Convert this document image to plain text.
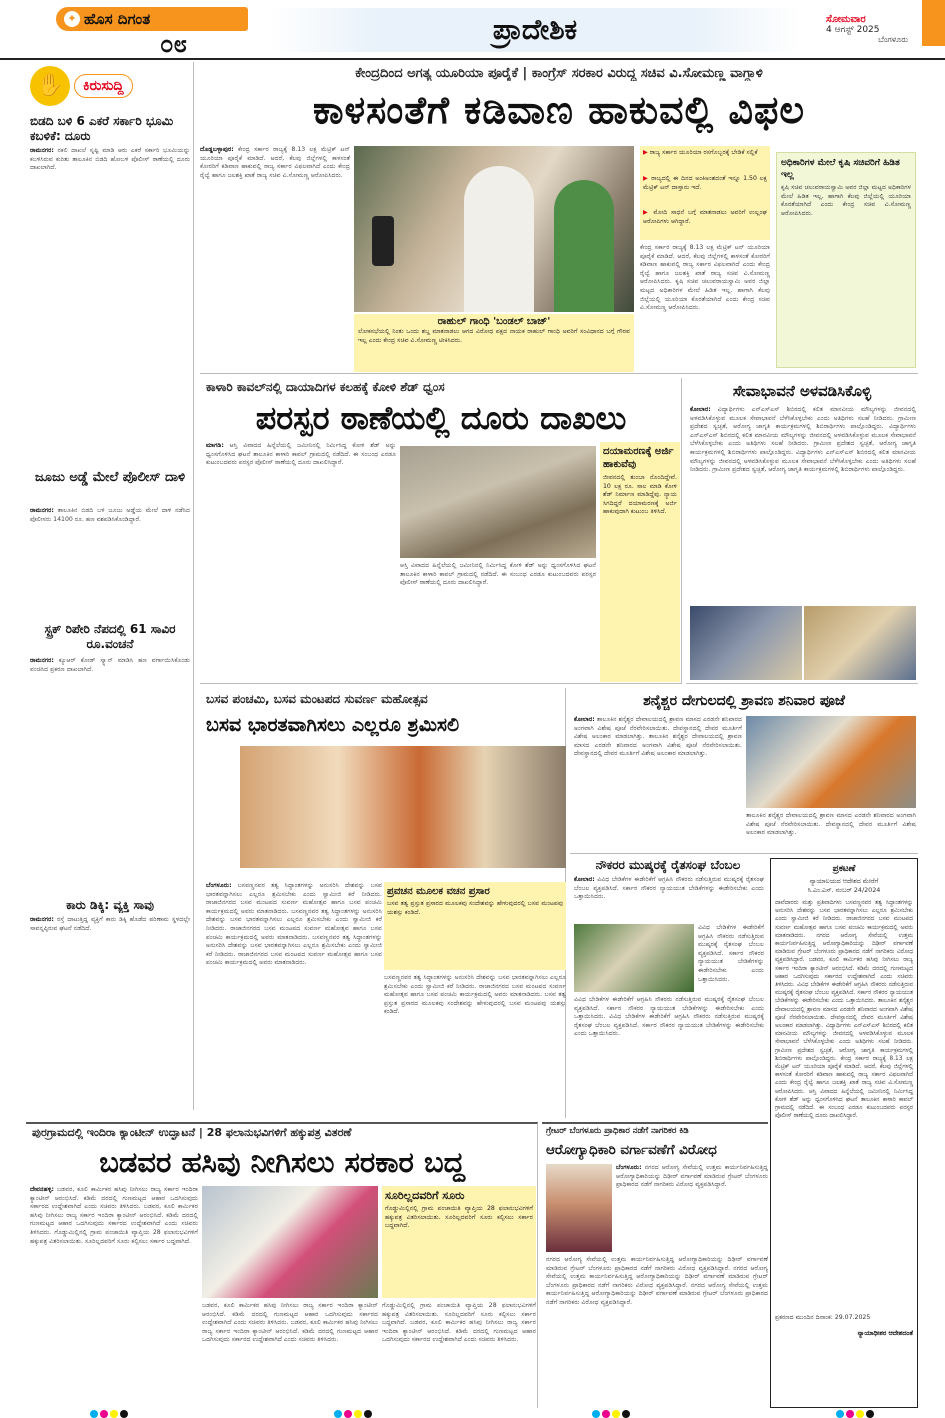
✦ ಹೊಸ ದಿಗಂತ
೦೮	ಪ್ರಾದೇಶಿಕ	ಸೋಮವಾರ
4 ಆಗಸ್ಟ್ 2025
ಬೆಂಗಳೂರು
✋	ಕಿರುಸುದ್ದಿ
ಬಿಡದಿ ಬಳಿ 6 ಎಕರೆ ಸರ್ಕಾರಿ ಭೂಮಿ ಕಬಳಿಕೆ: ದೂರು
ರಾಮನಗರ: ನಕಲಿ ದಾಖಲೆ ಸೃಷ್ಟಿ ಮಾಡಿ ಆರು ಎಕರೆ ಸರ್ಕಾರಿ ಭೂಮಿಯನ್ನು ಕಬಳಿಸಿರುವ ಕುರಿತು ತಾಲೂಕಿನ ಬಿಡದಿ ಹೋಬಳಿ ಪೊಲೀಸ್ ಠಾಣೆಯಲ್ಲಿ ದೂರು ದಾಖಲಾಗಿದೆ.
ಜೂಜು ಅಡ್ಡೆ ಮೇಲೆ ಪೊಲೀಸ್ ದಾಳಿ
ರಾಮನಗರ: ತಾಲೂಕಿನ ಬಿಡದಿ ಬಳಿ ಜೂಜು ಅಡ್ಡೆಯ ಮೇಲೆ ದಾಳಿ ನಡೆಸಿದ ಪೊಲೀಸರು 14100 ರೂ. ಹಣ ವಶಪಡಿಸಿಕೊಂಡಿದ್ದಾರೆ.
ಸ್ಟ್ರಕ್ ರಿಪೇರಿ ನೆಪದಲ್ಲಿ 61 ಸಾವಿರ ರೂ.ವಂಚನೆ
ರಾಮನಗರ: ಕ್ಯೂಆರ್ ಕೋಡ್ ಸ್ಕ್ಯಾನ್ ಮಾಡಿಸಿ ಹಣ ವರ್ಗಾಯಿಸಿಕೊಂಡು ವಂಚಿಸಿದ ಪ್ರಕರಣ ದಾಖಲಾಗಿದೆ.
ಕಾರು ಡಿಕ್ಕಿ: ವ್ಯಕ್ತಿ ಸಾವು
ರಾಮನಗರ: ರಸ್ತೆ ದಾಟುತ್ತಿದ್ದ ವ್ಯಕ್ತಿಗೆ ಕಾರು ಡಿಕ್ಕಿ ಹೊಡೆದ ಪರಿಣಾಮ ಸ್ಥಳದಲ್ಲೇ ಸಾವನ್ನಪ್ಪಿರುವ ಘಟನೆ ನಡೆದಿದೆ.
ಕೇಂದ್ರದಿಂದ ಅಗತ್ಯ ಯೂರಿಯಾ ಪೂರೈಕೆ | ಕಾಂಗ್ರೆಸ್ ಸರಕಾರ ವಿರುದ್ಧ ಸಚಿವ ವಿ.ಸೋಮಣ್ಣ ವಾಗ್ದಾಳಿ
ಕಾಳಸಂತೆಗೆ ಕಡಿವಾಣ ಹಾಕುವಲ್ಲಿ ವಿಫಲ
ದೊಡ್ಡಬಳ್ಳಾಪುರ: ಕೇಂದ್ರ ಸರ್ಕಾರ ರಾಜ್ಯಕ್ಕೆ 8.13 ಲಕ್ಷ ಮೆಟ್ರಿಕ್ ಟನ್ ಯೂರಿಯಾ ಪೂರೈಕೆ ಮಾಡಿದೆ. ಆದರೆ, ಕೆಲವು ಜಿಲ್ಲೆಗಳಲ್ಲಿ ಕಾಳಸಂತೆ ಕೋರರಿಗೆ ಕಡಿವಾಣ ಹಾಕುವಲ್ಲಿ ರಾಜ್ಯ ಸರ್ಕಾರ ವಿಫಲವಾಗಿದೆ ಎಂದು ಕೇಂದ್ರ ರೈಲ್ವೆ ಹಾಗೂ ಜಲಶಕ್ತಿ ಖಾತೆ ರಾಜ್ಯ ಸಚಿವ ವಿ.ಸೋಮಣ್ಣ ಆರೋಪಿಸಿದರು.
ರಾಹುಲ್ ಗಾಂಧಿ 'ಬಂಡಲ್ ಬಾಜ್'
ಲೋಕಸಭೆಯಲ್ಲಿ ನಿಂತು ಒಂದು ಶಬ್ದ ಮಾತನಾಡಲು ಆಗದ ವಿರೋಧ ಪಕ್ಷದ ನಾಯಕ ರಾಹುಲ್ ಗಾಂಧಿ ಅವರಿಗೆ ಸಂವಿಧಾನದ ಬಗ್ಗೆ ಗೌರವ ಇಲ್ಲ ಎಂದು ಕೇಂದ್ರ ಸಚಿವ ವಿ.ಸೋಮಣ್ಣ ಟೀಕಿಸಿದರು.
▶ ರಾಜ್ಯ ಸರ್ಕಾರ ಯೂರಿಯಾ ರಸಗೊಬ್ಬರಕ್ಕೆ ಬೇಡಿಕೆ ಸಲ್ಲಿಕೆ
▶ ರಾಜ್ಯದಲ್ಲಿ ಈ ದಿನದ ಅಂಕಿಅಂಶದಂತೆ ಇನ್ನೂ 1.50 ಲಕ್ಷ ಮೆಟ್ರಿಕ್ ಟನ್ ದಾಸ್ತಾನು ಇದೆ.
▶ ಮೋದಿ ಸಾಧನೆ ಬಗ್ಗೆ ಮಾತನಾಡಲು ಅವರಿಗೆ ಉಲ್ಲಂಘ ಆರೋಪಿಗಳು ಆಗಿದ್ದಾರೆ.
ಕೇಂದ್ರ ಸರ್ಕಾರ ರಾಜ್ಯಕ್ಕೆ 8.13 ಲಕ್ಷ ಮೆಟ್ರಿಕ್ ಟನ್ ಯೂರಿಯಾ ಪೂರೈಕೆ ಮಾಡಿದೆ. ಆದರೆ, ಕೆಲವು ಜಿಲ್ಲೆಗಳಲ್ಲಿ ಕಾಳಸಂತೆ ಕೋರರಿಗೆ ಕಡಿವಾಣ ಹಾಕುವಲ್ಲಿ ರಾಜ್ಯ ಸರ್ಕಾರ ವಿಫಲವಾಗಿದೆ ಎಂದು ಕೇಂದ್ರ ರೈಲ್ವೆ ಹಾಗೂ ಜಲಶಕ್ತಿ ಖಾತೆ ರಾಜ್ಯ ಸಚಿವ ವಿ.ಸೋಮಣ್ಣ ಆರೋಪಿಸಿದರು. ಕೃಷಿ ಸಚಿವ ಚಲುವರಾಯಸ್ವಾಮಿ ಅವರ ಜಿಲ್ಲಾ ಮಟ್ಟದ ಅಧಿಕಾರಿಗಳ ಮೇಲೆ ಹಿಡಿತ ಇಲ್ಲ. ಹಾಗಾಗಿ ಕೆಲವು ಜಿಲ್ಲೆಯಲ್ಲಿ ಯೂರಿಯಾ ಕೊರತೆಯಾಗಿದೆ ಎಂದು ಕೇಂದ್ರ ಸಚಿವ ವಿ.ಸೋಮಣ್ಣ ಆರೋಪಿಸಿದರು.
ಅಧಿಕಾರಿಗಳ ಮೇಲೆ ಕೃಷಿ ಸಚಿವರಿಗೆ ಹಿಡಿತ ಇಲ್ಲ
ಕೃಷಿ ಸಚಿವ ಚಲುವರಾಯಸ್ವಾಮಿ ಅವರ ಜಿಲ್ಲಾ ಮಟ್ಟದ ಅಧಿಕಾರಿಗಳ ಮೇಲೆ ಹಿಡಿತ ಇಲ್ಲ. ಹಾಗಾಗಿ ಕೆಲವು ಜಿಲ್ಲೆಯಲ್ಲಿ ಯೂರಿಯಾ ಕೊರತೆಯಾಗಿದೆ ಎಂದು ಕೇಂದ್ರ ಸಚಿವ ವಿ.ಸೋಮಣ್ಣ ಆರೋಪಿಸಿದರು.
ಕಾಳಾರಿ ಕಾವಲ್‌ನಲ್ಲಿ ದಾಯಾದಿಗಳ ಕಲಹಕ್ಕೆ ಕೋಳಿ ಶೆಡ್ ಧ್ವಂಸ
ಪರಸ್ಪರ ಠಾಣೆಯಲ್ಲಿ ದೂರು ದಾಖಲು
ಮಾಗಡಿ: ಆಸ್ತಿ ವಿವಾದದ ಹಿನ್ನೆಲೆಯಲ್ಲಿ ಜಮೀನಿನಲ್ಲಿ ನಿರ್ಮಿಸಿದ್ದ ಕೋಳಿ ಶೆಡ್ ಅನ್ನು ಧ್ವಂಸಗೊಳಿಸಿದ ಘಟನೆ ತಾಲೂಕಿನ ಕಾಳಾರಿ ಕಾವಲ್ ಗ್ರಾಮದಲ್ಲಿ ನಡೆದಿದೆ. ಈ ಸಂಬಂಧ ಎರಡೂ ಕುಟುಂಬದವರು ಪರಸ್ಪರ ಪೊಲೀಸ್ ಠಾಣೆಯಲ್ಲಿ ದೂರು ದಾಖಲಿಸಿದ್ದಾರೆ.
ಆಸ್ತಿ ವಿವಾದದ ಹಿನ್ನೆಲೆಯಲ್ಲಿ ಜಮೀನಿನಲ್ಲಿ ನಿರ್ಮಿಸಿದ್ದ ಕೋಳಿ ಶೆಡ್ ಅನ್ನು ಧ್ವಂಸಗೊಳಿಸಿದ ಘಟನೆ ತಾಲೂಕಿನ ಕಾಳಾರಿ ಕಾವಲ್ ಗ್ರಾಮದಲ್ಲಿ ನಡೆದಿದೆ. ಈ ಸಂಬಂಧ ಎರಡೂ ಕುಟುಂಬದವರು ಪರಸ್ಪರ ಪೊಲೀಸ್ ಠಾಣೆಯಲ್ಲಿ ದೂರು ದಾಖಲಿಸಿದ್ದಾರೆ.
ದಯಾಮರಣಕ್ಕೆ ಅರ್ಜಿ ಹಾಕುವೆವು
ಜೀವನದಲ್ಲಿ ತುಂಬಾ ನೊಂದಿದ್ದೇವೆ. 10 ಲಕ್ಷ ರೂ. ಸಾಲ ಮಾಡಿ ಕೋಳಿ ಶೆಡ್ ನಿರ್ಮಾಣ ಮಾಡಿದ್ದೆವು. ನ್ಯಾಯ ಸಿಗದಿದ್ದರೆ ದಯಾಮರಣಕ್ಕೆ ಅರ್ಜಿ ಹಾಕುವುದಾಗಿ ಕುಟುಂಬ ತಿಳಿಸಿದೆ.
ಸೇವಾಭಾವನೆ ಅಳವಡಿಸಿಕೊಳ್ಳಿ
ಕೋಲಾರ: ವಿದ್ಯಾರ್ಥಿಗಳು ಎನ್‌ಎಸ್‌ಎಸ್ ಶಿಬಿರದಲ್ಲಿ ಕಲಿತ ಮಾನವೀಯ ಮೌಲ್ಯಗಳನ್ನು ಜೀವನದಲ್ಲಿ ಅಳವಡಿಸಿಕೊಳ್ಳುವ ಮೂಲಕ ಸೇವಾಭಾವನೆ ಬೆಳೆಸಿಕೊಳ್ಳಬೇಕು ಎಂದು ಅತಿಥಿಗಳು ಸಲಹೆ ನೀಡಿದರು. ಗ್ರಾಮೀಣ ಪ್ರದೇಶದ ಸ್ವಚ್ಛತೆ, ಆರೋಗ್ಯ ಜಾಗೃತಿ ಕಾರ್ಯಕ್ರಮಗಳಲ್ಲಿ ಶಿಬಿರಾರ್ಥಿಗಳು ಪಾಲ್ಗೊಂಡಿದ್ದರು. ವಿದ್ಯಾರ್ಥಿಗಳು ಎನ್‌ಎಸ್‌ಎಸ್ ಶಿಬಿರದಲ್ಲಿ ಕಲಿತ ಮಾನವೀಯ ಮೌಲ್ಯಗಳನ್ನು ಜೀವನದಲ್ಲಿ ಅಳವಡಿಸಿಕೊಳ್ಳುವ ಮೂಲಕ ಸೇವಾಭಾವನೆ ಬೆಳೆಸಿಕೊಳ್ಳಬೇಕು ಎಂದು ಅತಿಥಿಗಳು ಸಲಹೆ ನೀಡಿದರು. ಗ್ರಾಮೀಣ ಪ್ರದೇಶದ ಸ್ವಚ್ಛತೆ, ಆರೋಗ್ಯ ಜಾಗೃತಿ ಕಾರ್ಯಕ್ರಮಗಳಲ್ಲಿ ಶಿಬಿರಾರ್ಥಿಗಳು ಪಾಲ್ಗೊಂಡಿದ್ದರು. ವಿದ್ಯಾರ್ಥಿಗಳು ಎನ್‌ಎಸ್‌ಎಸ್ ಶಿಬಿರದಲ್ಲಿ ಕಲಿತ ಮಾನವೀಯ ಮೌಲ್ಯಗಳನ್ನು ಜೀವನದಲ್ಲಿ ಅಳವಡಿಸಿಕೊಳ್ಳುವ ಮೂಲಕ ಸೇವಾಭಾವನೆ ಬೆಳೆಸಿಕೊಳ್ಳಬೇಕು ಎಂದು ಅತಿಥಿಗಳು ಸಲಹೆ ನೀಡಿದರು. ಗ್ರಾಮೀಣ ಪ್ರದೇಶದ ಸ್ವಚ್ಛತೆ, ಆರೋಗ್ಯ ಜಾಗೃತಿ ಕಾರ್ಯಕ್ರಮಗಳಲ್ಲಿ ಶಿಬಿರಾರ್ಥಿಗಳು ಪಾಲ್ಗೊಂಡಿದ್ದರು.
ಬಸವ ಪಂಚಮಿ, ಬಸವ ಮಂಟಪದ ಸುವರ್ಣ ಮಹೋತ್ಸವ
ಬಸವ ಭಾರತವಾಗಿಸಲು ಎಲ್ಲರೂ ಶ್ರಮಿಸಲಿ
ಬೆಂಗಳೂರು: ಬಸವಣ್ಣನವರ ತತ್ವ ಸಿದ್ಧಾಂತಗಳನ್ನು ಅನುಸರಿಸಿ ದೇಶವನ್ನು ಬಸವ ಭಾರತವನ್ನಾಗಿಸಲು ಎಲ್ಲರೂ ಶ್ರಮಿಸಬೇಕು ಎಂದು ಸ್ವಾಮೀಜಿ ಕರೆ ನೀಡಿದರು. ರಾಜಾಜಿನಗರದ ಬಸವ ಮಂಟಪದ ಸುವರ್ಣ ಮಹೋತ್ಸವ ಹಾಗೂ ಬಸವ ಪಂಚಮಿ ಕಾರ್ಯಕ್ರಮದಲ್ಲಿ ಅವರು ಮಾತನಾಡಿದರು. ಬಸವಣ್ಣನವರ ತತ್ವ ಸಿದ್ಧಾಂತಗಳನ್ನು ಅನುಸರಿಸಿ ದೇಶವನ್ನು ಬಸವ ಭಾರತವನ್ನಾಗಿಸಲು ಎಲ್ಲರೂ ಶ್ರಮಿಸಬೇಕು ಎಂದು ಸ್ವಾಮೀಜಿ ಕರೆ ನೀಡಿದರು. ರಾಜಾಜಿನಗರದ ಬಸವ ಮಂಟಪದ ಸುವರ್ಣ ಮಹೋತ್ಸವ ಹಾಗೂ ಬಸವ ಪಂಚಮಿ ಕಾರ್ಯಕ್ರಮದಲ್ಲಿ ಅವರು ಮಾತನಾಡಿದರು. ಬಸವಣ್ಣನವರ ತತ್ವ ಸಿದ್ಧಾಂತಗಳನ್ನು ಅನುಸರಿಸಿ ದೇಶವನ್ನು ಬಸವ ಭಾರತವನ್ನಾಗಿಸಲು ಎಲ್ಲರೂ ಶ್ರಮಿಸಬೇಕು ಎಂದು ಸ್ವಾಮೀಜಿ ಕರೆ ನೀಡಿದರು. ರಾಜಾಜಿನಗರದ ಬಸವ ಮಂಟಪದ ಸುವರ್ಣ ಮಹೋತ್ಸವ ಹಾಗೂ ಬಸವ ಪಂಚಮಿ ಕಾರ್ಯಕ್ರಮದಲ್ಲಿ ಅವರು ಮಾತನಾಡಿದರು.
ಪ್ರವಚನ ಮೂಲಕ ವಚನ ಪ್ರಸಾರ
ಬಸವ ತತ್ವ ಪ್ರಸ್ತುತ ಪ್ರಸಾರದ ಮೂಲಕವು ಸಂದೇಶವನ್ನು ಹೇಳುವುದರಲ್ಲಿ ಬಸವ ಮಂಟಪವು ಯಶಸ್ಸು ಕಂಡಿದೆ.
ಬಸವಣ್ಣನವರ ತತ್ವ ಸಿದ್ಧಾಂತಗಳನ್ನು ಅನುಸರಿಸಿ ದೇಶವನ್ನು ಬಸವ ಭಾರತವನ್ನಾಗಿಸಲು ಎಲ್ಲರೂ ಶ್ರಮಿಸಬೇಕು ಎಂದು ಸ್ವಾಮೀಜಿ ಕರೆ ನೀಡಿದರು. ರಾಜಾಜಿನಗರದ ಬಸವ ಮಂಟಪದ ಸುವರ್ಣ ಮಹೋತ್ಸವ ಹಾಗೂ ಬಸವ ಪಂಚಮಿ ಕಾರ್ಯಕ್ರಮದಲ್ಲಿ ಅವರು ಮಾತನಾಡಿದರು. ಬಸವ ತತ್ವ ಪ್ರಸ್ತುತ ಪ್ರಸಾರದ ಮೂಲಕವು ಸಂದೇಶವನ್ನು ಹೇಳುವುದರಲ್ಲಿ ಬಸವ ಮಂಟಪವು ಯಶಸ್ಸು ಕಂಡಿದೆ.
ಶನೈಶ್ಚರ ದೇಗುಲದಲ್ಲಿ ಶ್ರಾವಣ ಶನಿವಾರ ಪೂಜೆ
ಕೋಲಾರ: ತಾಲೂಕಿನ ಶನೈಶ್ಚರ ದೇವಾಲಯದಲ್ಲಿ ಶ್ರಾವಣ ಮಾಸದ ಎರಡನೇ ಶನಿವಾರದ ಅಂಗವಾಗಿ ವಿಶೇಷ ಪೂಜೆ ನೆರವೇರಿಸಲಾಯಿತು. ದೇವಸ್ಥಾನದಲ್ಲಿ ದೇವರ ಮೂರ್ತಿಗೆ ವಿಶೇಷ ಅಲಂಕಾರ ಮಾಡಲಾಗಿತ್ತು. ತಾಲೂಕಿನ ಶನೈಶ್ಚರ ದೇವಾಲಯದಲ್ಲಿ ಶ್ರಾವಣ ಮಾಸದ ಎರಡನೇ ಶನಿವಾರದ ಅಂಗವಾಗಿ ವಿಶೇಷ ಪೂಜೆ ನೆರವೇರಿಸಲಾಯಿತು. ದೇವಸ್ಥಾನದಲ್ಲಿ ದೇವರ ಮೂರ್ತಿಗೆ ವಿಶೇಷ ಅಲಂಕಾರ ಮಾಡಲಾಗಿತ್ತು.
ತಾಲೂಕಿನ ಶನೈಶ್ಚರ ದೇವಾಲಯದಲ್ಲಿ ಶ್ರಾವಣ ಮಾಸದ ಎರಡನೇ ಶನಿವಾರದ ಅಂಗವಾಗಿ ವಿಶೇಷ ಪೂಜೆ ನೆರವೇರಿಸಲಾಯಿತು. ದೇವಸ್ಥಾನದಲ್ಲಿ ದೇವರ ಮೂರ್ತಿಗೆ ವಿಶೇಷ ಅಲಂಕಾರ ಮಾಡಲಾಗಿತ್ತು.
ನೌಕರರ ಮುಷ್ಕರಕ್ಕೆ ರೈತಸಂಘ ಬೆಂಬಲ
ಕೋಲಾರ: ವಿವಿಧ ಬೇಡಿಕೆಗಳ ಈಡೇರಿಕೆಗೆ ಆಗ್ರಹಿಸಿ ನೌಕರರು ನಡೆಸುತ್ತಿರುವ ಮುಷ್ಕರಕ್ಕೆ ರೈತಸಂಘ ಬೆಂಬಲ ವ್ಯಕ್ತಪಡಿಸಿದೆ. ಸರ್ಕಾರ ನೌಕರರ ನ್ಯಾಯಯುತ ಬೇಡಿಕೆಗಳನ್ನು ಈಡೇರಿಸಬೇಕು ಎಂದು ಒತ್ತಾಯಿಸಿದರು.
ವಿವಿಧ ಬೇಡಿಕೆಗಳ ಈಡೇರಿಕೆಗೆ ಆಗ್ರಹಿಸಿ ನೌಕರರು ನಡೆಸುತ್ತಿರುವ ಮುಷ್ಕರಕ್ಕೆ ರೈತಸಂಘ ಬೆಂಬಲ ವ್ಯಕ್ತಪಡಿಸಿದೆ. ಸರ್ಕಾರ ನೌಕರರ ನ್ಯಾಯಯುತ ಬೇಡಿಕೆಗಳನ್ನು ಈಡೇರಿಸಬೇಕು ಎಂದು ಒತ್ತಾಯಿಸಿದರು.
ವಿವಿಧ ಬೇಡಿಕೆಗಳ ಈಡೇರಿಕೆಗೆ ಆಗ್ರಹಿಸಿ ನೌಕರರು ನಡೆಸುತ್ತಿರುವ ಮುಷ್ಕರಕ್ಕೆ ರೈತಸಂಘ ಬೆಂಬಲ ವ್ಯಕ್ತಪಡಿಸಿದೆ. ಸರ್ಕಾರ ನೌಕರರ ನ್ಯಾಯಯುತ ಬೇಡಿಕೆಗಳನ್ನು ಈಡೇರಿಸಬೇಕು ಎಂದು ಒತ್ತಾಯಿಸಿದರು. ವಿವಿಧ ಬೇಡಿಕೆಗಳ ಈಡೇರಿಕೆಗೆ ಆಗ್ರಹಿಸಿ ನೌಕರರು ನಡೆಸುತ್ತಿರುವ ಮುಷ್ಕರಕ್ಕೆ ರೈತಸಂಘ ಬೆಂಬಲ ವ್ಯಕ್ತಪಡಿಸಿದೆ. ಸರ್ಕಾರ ನೌಕರರ ನ್ಯಾಯಯುತ ಬೇಡಿಕೆಗಳನ್ನು ಈಡೇರಿಸಬೇಕು ಎಂದು ಒತ್ತಾಯಿಸಿದರು.
ಪ್ರಕಟಣೆ
ನ್ಯಾಯಾಲಯದ ಆದೇಶದ ಮೇರೆಗೆ
ಸಿ.ಎಂ.ಎಸ್. ನಂಬರ್ 24/2024
ದಾವೆದಾರರು ಮತ್ತು ಪ್ರತಿವಾದಿಗಳು ಬಸವಣ್ಣನವರ ತತ್ವ ಸಿದ್ಧಾಂತಗಳನ್ನು ಅನುಸರಿಸಿ ದೇಶವನ್ನು ಬಸವ ಭಾರತವನ್ನಾಗಿಸಲು ಎಲ್ಲರೂ ಶ್ರಮಿಸಬೇಕು ಎಂದು ಸ್ವಾಮೀಜಿ ಕರೆ ನೀಡಿದರು. ರಾಜಾಜಿನಗರದ ಬಸವ ಮಂಟಪದ ಸುವರ್ಣ ಮಹೋತ್ಸವ ಹಾಗೂ ಬಸವ ಪಂಚಮಿ ಕಾರ್ಯಕ್ರಮದಲ್ಲಿ ಅವರು ಮಾತನಾಡಿದರು. ನಗರದ ಆರೋಗ್ಯ ಸೇವೆಯಲ್ಲಿ ಉತ್ತಮ ಕಾರ್ಯನಿರ್ವಹಿಸುತ್ತಿದ್ದ ಆರೋಗ್ಯಾಧಿಕಾರಿಯನ್ನು ದಿಢೀರ್ ವರ್ಗಾವಣೆ ಮಾಡಿರುವ ಗ್ರೇಟರ್ ಬೆಂಗಳೂರು ಪ್ರಾಧಿಕಾರದ ನಡೆಗೆ ನಾಗರಿಕರು ವಿರೋಧ ವ್ಯಕ್ತಪಡಿಸಿದ್ದಾರೆ. ಬಡವರ, ಕೂಲಿ ಕಾರ್ಮಿಕರ ಹಸಿವು ನೀಗಿಸಲು ರಾಜ್ಯ ಸರ್ಕಾರ ಇಂದಿರಾ ಕ್ಯಾಂಟೀನ್ ಆರಂಭಿಸಿದೆ. ಕಡಿಮೆ ದರದಲ್ಲಿ ಗುಣಮಟ್ಟದ ಆಹಾರ ಒದಗಿಸುವುದು ಸರ್ಕಾರದ ಉದ್ದೇಶವಾಗಿದೆ ಎಂದು ಸಚಿವರು ತಿಳಿಸಿದರು. ವಿವಿಧ ಬೇಡಿಕೆಗಳ ಈಡೇರಿಕೆಗೆ ಆಗ್ರಹಿಸಿ ನೌಕರರು ನಡೆಸುತ್ತಿರುವ ಮುಷ್ಕರಕ್ಕೆ ರೈತಸಂಘ ಬೆಂಬಲ ವ್ಯಕ್ತಪಡಿಸಿದೆ. ಸರ್ಕಾರ ನೌಕರರ ನ್ಯಾಯಯುತ ಬೇಡಿಕೆಗಳನ್ನು ಈಡೇರಿಸಬೇಕು ಎಂದು ಒತ್ತಾಯಿಸಿದರು. ತಾಲೂಕಿನ ಶನೈಶ್ಚರ ದೇವಾಲಯದಲ್ಲಿ ಶ್ರಾವಣ ಮಾಸದ ಎರಡನೇ ಶನಿವಾರದ ಅಂಗವಾಗಿ ವಿಶೇಷ ಪೂಜೆ ನೆರವೇರಿಸಲಾಯಿತು. ದೇವಸ್ಥಾನದಲ್ಲಿ ದೇವರ ಮೂರ್ತಿಗೆ ವಿಶೇಷ ಅಲಂಕಾರ ಮಾಡಲಾಗಿತ್ತು. ವಿದ್ಯಾರ್ಥಿಗಳು ಎನ್‌ಎಸ್‌ಎಸ್ ಶಿಬಿರದಲ್ಲಿ ಕಲಿತ ಮಾನವೀಯ ಮೌಲ್ಯಗಳನ್ನು ಜೀವನದಲ್ಲಿ ಅಳವಡಿಸಿಕೊಳ್ಳುವ ಮೂಲಕ ಸೇವಾಭಾವನೆ ಬೆಳೆಸಿಕೊಳ್ಳಬೇಕು ಎಂದು ಅತಿಥಿಗಳು ಸಲಹೆ ನೀಡಿದರು. ಗ್ರಾಮೀಣ ಪ್ರದೇಶದ ಸ್ವಚ್ಛತೆ, ಆರೋಗ್ಯ ಜಾಗೃತಿ ಕಾರ್ಯಕ್ರಮಗಳಲ್ಲಿ ಶಿಬಿರಾರ್ಥಿಗಳು ಪಾಲ್ಗೊಂಡಿದ್ದರು. ಕೇಂದ್ರ ಸರ್ಕಾರ ರಾಜ್ಯಕ್ಕೆ 8.13 ಲಕ್ಷ ಮೆಟ್ರಿಕ್ ಟನ್ ಯೂರಿಯಾ ಪೂರೈಕೆ ಮಾಡಿದೆ. ಆದರೆ, ಕೆಲವು ಜಿಲ್ಲೆಗಳಲ್ಲಿ ಕಾಳಸಂತೆ ಕೋರರಿಗೆ ಕಡಿವಾಣ ಹಾಕುವಲ್ಲಿ ರಾಜ್ಯ ಸರ್ಕಾರ ವಿಫಲವಾಗಿದೆ ಎಂದು ಕೇಂದ್ರ ರೈಲ್ವೆ ಹಾಗೂ ಜಲಶಕ್ತಿ ಖಾತೆ ರಾಜ್ಯ ಸಚಿವ ವಿ.ಸೋಮಣ್ಣ ಆರೋಪಿಸಿದರು. ಆಸ್ತಿ ವಿವಾದದ ಹಿನ್ನೆಲೆಯಲ್ಲಿ ಜಮೀನಿನಲ್ಲಿ ನಿರ್ಮಿಸಿದ್ದ ಕೋಳಿ ಶೆಡ್ ಅನ್ನು ಧ್ವಂಸಗೊಳಿಸಿದ ಘಟನೆ ತಾಲೂಕಿನ ಕಾಳಾರಿ ಕಾವಲ್ ಗ್ರಾಮದಲ್ಲಿ ನಡೆದಿದೆ. ಈ ಸಂಬಂಧ ಎರಡೂ ಕುಟುಂಬದವರು ಪರಸ್ಪರ ಪೊಲೀಸ್ ಠಾಣೆಯಲ್ಲಿ ದೂರು ದಾಖಲಿಸಿದ್ದಾರೆ.
ಪ್ರಕರಣದ ಮುಂದಿನ ದಿನಾಂಕ: 29.07.2025
ನ್ಯಾಯಾಧೀಶರ ಆದೇಶದಂತೆ
ಪುರಗ್ರಾಮದಲ್ಲಿ ಇಂದಿರಾ ಕ್ಯಾಂಟೀನ್ ಉದ್ಘಾಟನೆ | 28 ಫಲಾನುಭವಿಗಳಿಗೆ ಹಕ್ಕುಪತ್ರ ವಿತರಣೆ
ಬಡವರ ಹಸಿವು ನೀಗಿಸಲು ಸರಕಾರ ಬದ್ಧ
ದೇವನಹಳ್ಳಿ: ಬಡವರ, ಕೂಲಿ ಕಾರ್ಮಿಕರ ಹಸಿವು ನೀಗಿಸಲು ರಾಜ್ಯ ಸರ್ಕಾರ ಇಂದಿರಾ ಕ್ಯಾಂಟೀನ್ ಆರಂಭಿಸಿದೆ. ಕಡಿಮೆ ದರದಲ್ಲಿ ಗುಣಮಟ್ಟದ ಆಹಾರ ಒದಗಿಸುವುದು ಸರ್ಕಾರದ ಉದ್ದೇಶವಾಗಿದೆ ಎಂದು ಸಚಿವರು ತಿಳಿಸಿದರು. ಬಡವರ, ಕೂಲಿ ಕಾರ್ಮಿಕರ ಹಸಿವು ನೀಗಿಸಲು ರಾಜ್ಯ ಸರ್ಕಾರ ಇಂದಿರಾ ಕ್ಯಾಂಟೀನ್ ಆರಂಭಿಸಿದೆ. ಕಡಿಮೆ ದರದಲ್ಲಿ ಗುಣಮಟ್ಟದ ಆಹಾರ ಒದಗಿಸುವುದು ಸರ್ಕಾರದ ಉದ್ದೇಶವಾಗಿದೆ ಎಂದು ಸಚಿವರು ತಿಳಿಸಿದರು. ಗೊಡ್ಡುಮಿಲ್ಲಿನಲ್ಲಿ ಗ್ರಾಮ ಪಂಚಾಯಿತಿ ವ್ಯಾಪ್ತಿಯ 28 ಫಲಾನುಭವಿಗಳಿಗೆ ಹಕ್ಕುಪತ್ರ ವಿತರಿಸಲಾಯಿತು. ಸೂರಿಲ್ಲದವರಿಗೆ ಸೂರು ಕಲ್ಪಿಸಲು ಸರ್ಕಾರ ಬದ್ಧವಾಗಿದೆ.
ಬಡವರ, ಕೂಲಿ ಕಾರ್ಮಿಕರ ಹಸಿವು ನೀಗಿಸಲು ರಾಜ್ಯ ಸರ್ಕಾರ ಇಂದಿರಾ ಕ್ಯಾಂಟೀನ್ ಆರಂಭಿಸಿದೆ. ಕಡಿಮೆ ದರದಲ್ಲಿ ಗುಣಮಟ್ಟದ ಆಹಾರ ಒದಗಿಸುವುದು ಸರ್ಕಾರದ ಉದ್ದೇಶವಾಗಿದೆ ಎಂದು ಸಚಿವರು ತಿಳಿಸಿದರು. ಬಡವರ, ಕೂಲಿ ಕಾರ್ಮಿಕರ ಹಸಿವು ನೀಗಿಸಲು ರಾಜ್ಯ ಸರ್ಕಾರ ಇಂದಿರಾ ಕ್ಯಾಂಟೀನ್ ಆರಂಭಿಸಿದೆ. ಕಡಿಮೆ ದರದಲ್ಲಿ ಗುಣಮಟ್ಟದ ಆಹಾರ ಒದಗಿಸುವುದು ಸರ್ಕಾರದ ಉದ್ದೇಶವಾಗಿದೆ ಎಂದು ಸಚಿವರು ತಿಳಿಸಿದರು.
ಸೂರಿಲ್ಲದವರಿಗೆ ಸೂರು
ಗೊಡ್ಡುಮಿಲ್ಲಿನಲ್ಲಿ ಗ್ರಾಮ ಪಂಚಾಯಿತಿ ವ್ಯಾಪ್ತಿಯ 28 ಫಲಾನುಭವಿಗಳಿಗೆ ಹಕ್ಕುಪತ್ರ ವಿತರಿಸಲಾಯಿತು. ಸೂರಿಲ್ಲದವರಿಗೆ ಸೂರು ಕಲ್ಪಿಸಲು ಸರ್ಕಾರ ಬದ್ಧವಾಗಿದೆ.
ಗೊಡ್ಡುಮಿಲ್ಲಿನಲ್ಲಿ ಗ್ರಾಮ ಪಂಚಾಯಿತಿ ವ್ಯಾಪ್ತಿಯ 28 ಫಲಾನುಭವಿಗಳಿಗೆ ಹಕ್ಕುಪತ್ರ ವಿತರಿಸಲಾಯಿತು. ಸೂರಿಲ್ಲದವರಿಗೆ ಸೂರು ಕಲ್ಪಿಸಲು ಸರ್ಕಾರ ಬದ್ಧವಾಗಿದೆ. ಬಡವರ, ಕೂಲಿ ಕಾರ್ಮಿಕರ ಹಸಿವು ನೀಗಿಸಲು ರಾಜ್ಯ ಸರ್ಕಾರ ಇಂದಿರಾ ಕ್ಯಾಂಟೀನ್ ಆರಂಭಿಸಿದೆ. ಕಡಿಮೆ ದರದಲ್ಲಿ ಗುಣಮಟ್ಟದ ಆಹಾರ ಒದಗಿಸುವುದು ಸರ್ಕಾರದ ಉದ್ದೇಶವಾಗಿದೆ ಎಂದು ಸಚಿವರು ತಿಳಿಸಿದರು.
ಗ್ರೇಟರ್ ಬೆಂಗಳೂರು ಪ್ರಾಧಿಕಾರ ನಡೆಗೆ ನಾಗರಿಕರ ಕಿಡಿ
ಆರೋಗ್ಯಾಧಿಕಾರಿ ವರ್ಗಾವಣೆಗೆ ವಿರೋಧ
ಬೆಂಗಳೂರು: ನಗರದ ಆರೋಗ್ಯ ಸೇವೆಯಲ್ಲಿ ಉತ್ತಮ ಕಾರ್ಯನಿರ್ವಹಿಸುತ್ತಿದ್ದ ಆರೋಗ್ಯಾಧಿಕಾರಿಯನ್ನು ದಿಢೀರ್ ವರ್ಗಾವಣೆ ಮಾಡಿರುವ ಗ್ರೇಟರ್ ಬೆಂಗಳೂರು ಪ್ರಾಧಿಕಾರದ ನಡೆಗೆ ನಾಗರಿಕರು ವಿರೋಧ ವ್ಯಕ್ತಪಡಿಸಿದ್ದಾರೆ.
ನಗರದ ಆರೋಗ್ಯ ಸೇವೆಯಲ್ಲಿ ಉತ್ತಮ ಕಾರ್ಯನಿರ್ವಹಿಸುತ್ತಿದ್ದ ಆರೋಗ್ಯಾಧಿಕಾರಿಯನ್ನು ದಿಢೀರ್ ವರ್ಗಾವಣೆ ಮಾಡಿರುವ ಗ್ರೇಟರ್ ಬೆಂಗಳೂರು ಪ್ರಾಧಿಕಾರದ ನಡೆಗೆ ನಾಗರಿಕರು ವಿರೋಧ ವ್ಯಕ್ತಪಡಿಸಿದ್ದಾರೆ. ನಗರದ ಆರೋಗ್ಯ ಸೇವೆಯಲ್ಲಿ ಉತ್ತಮ ಕಾರ್ಯನಿರ್ವಹಿಸುತ್ತಿದ್ದ ಆರೋಗ್ಯಾಧಿಕಾರಿಯನ್ನು ದಿಢೀರ್ ವರ್ಗಾವಣೆ ಮಾಡಿರುವ ಗ್ರೇಟರ್ ಬೆಂಗಳೂರು ಪ್ರಾಧಿಕಾರದ ನಡೆಗೆ ನಾಗರಿಕರು ವಿರೋಧ ವ್ಯಕ್ತಪಡಿಸಿದ್ದಾರೆ. ನಗರದ ಆರೋಗ್ಯ ಸೇವೆಯಲ್ಲಿ ಉತ್ತಮ ಕಾರ್ಯನಿರ್ವಹಿಸುತ್ತಿದ್ದ ಆರೋಗ್ಯಾಧಿಕಾರಿಯನ್ನು ದಿಢೀರ್ ವರ್ಗಾವಣೆ ಮಾಡಿರುವ ಗ್ರೇಟರ್ ಬೆಂಗಳೂರು ಪ್ರಾಧಿಕಾರದ ನಡೆಗೆ ನಾಗರಿಕರು ವಿರೋಧ ವ್ಯಕ್ತಪಡಿಸಿದ್ದಾರೆ.
